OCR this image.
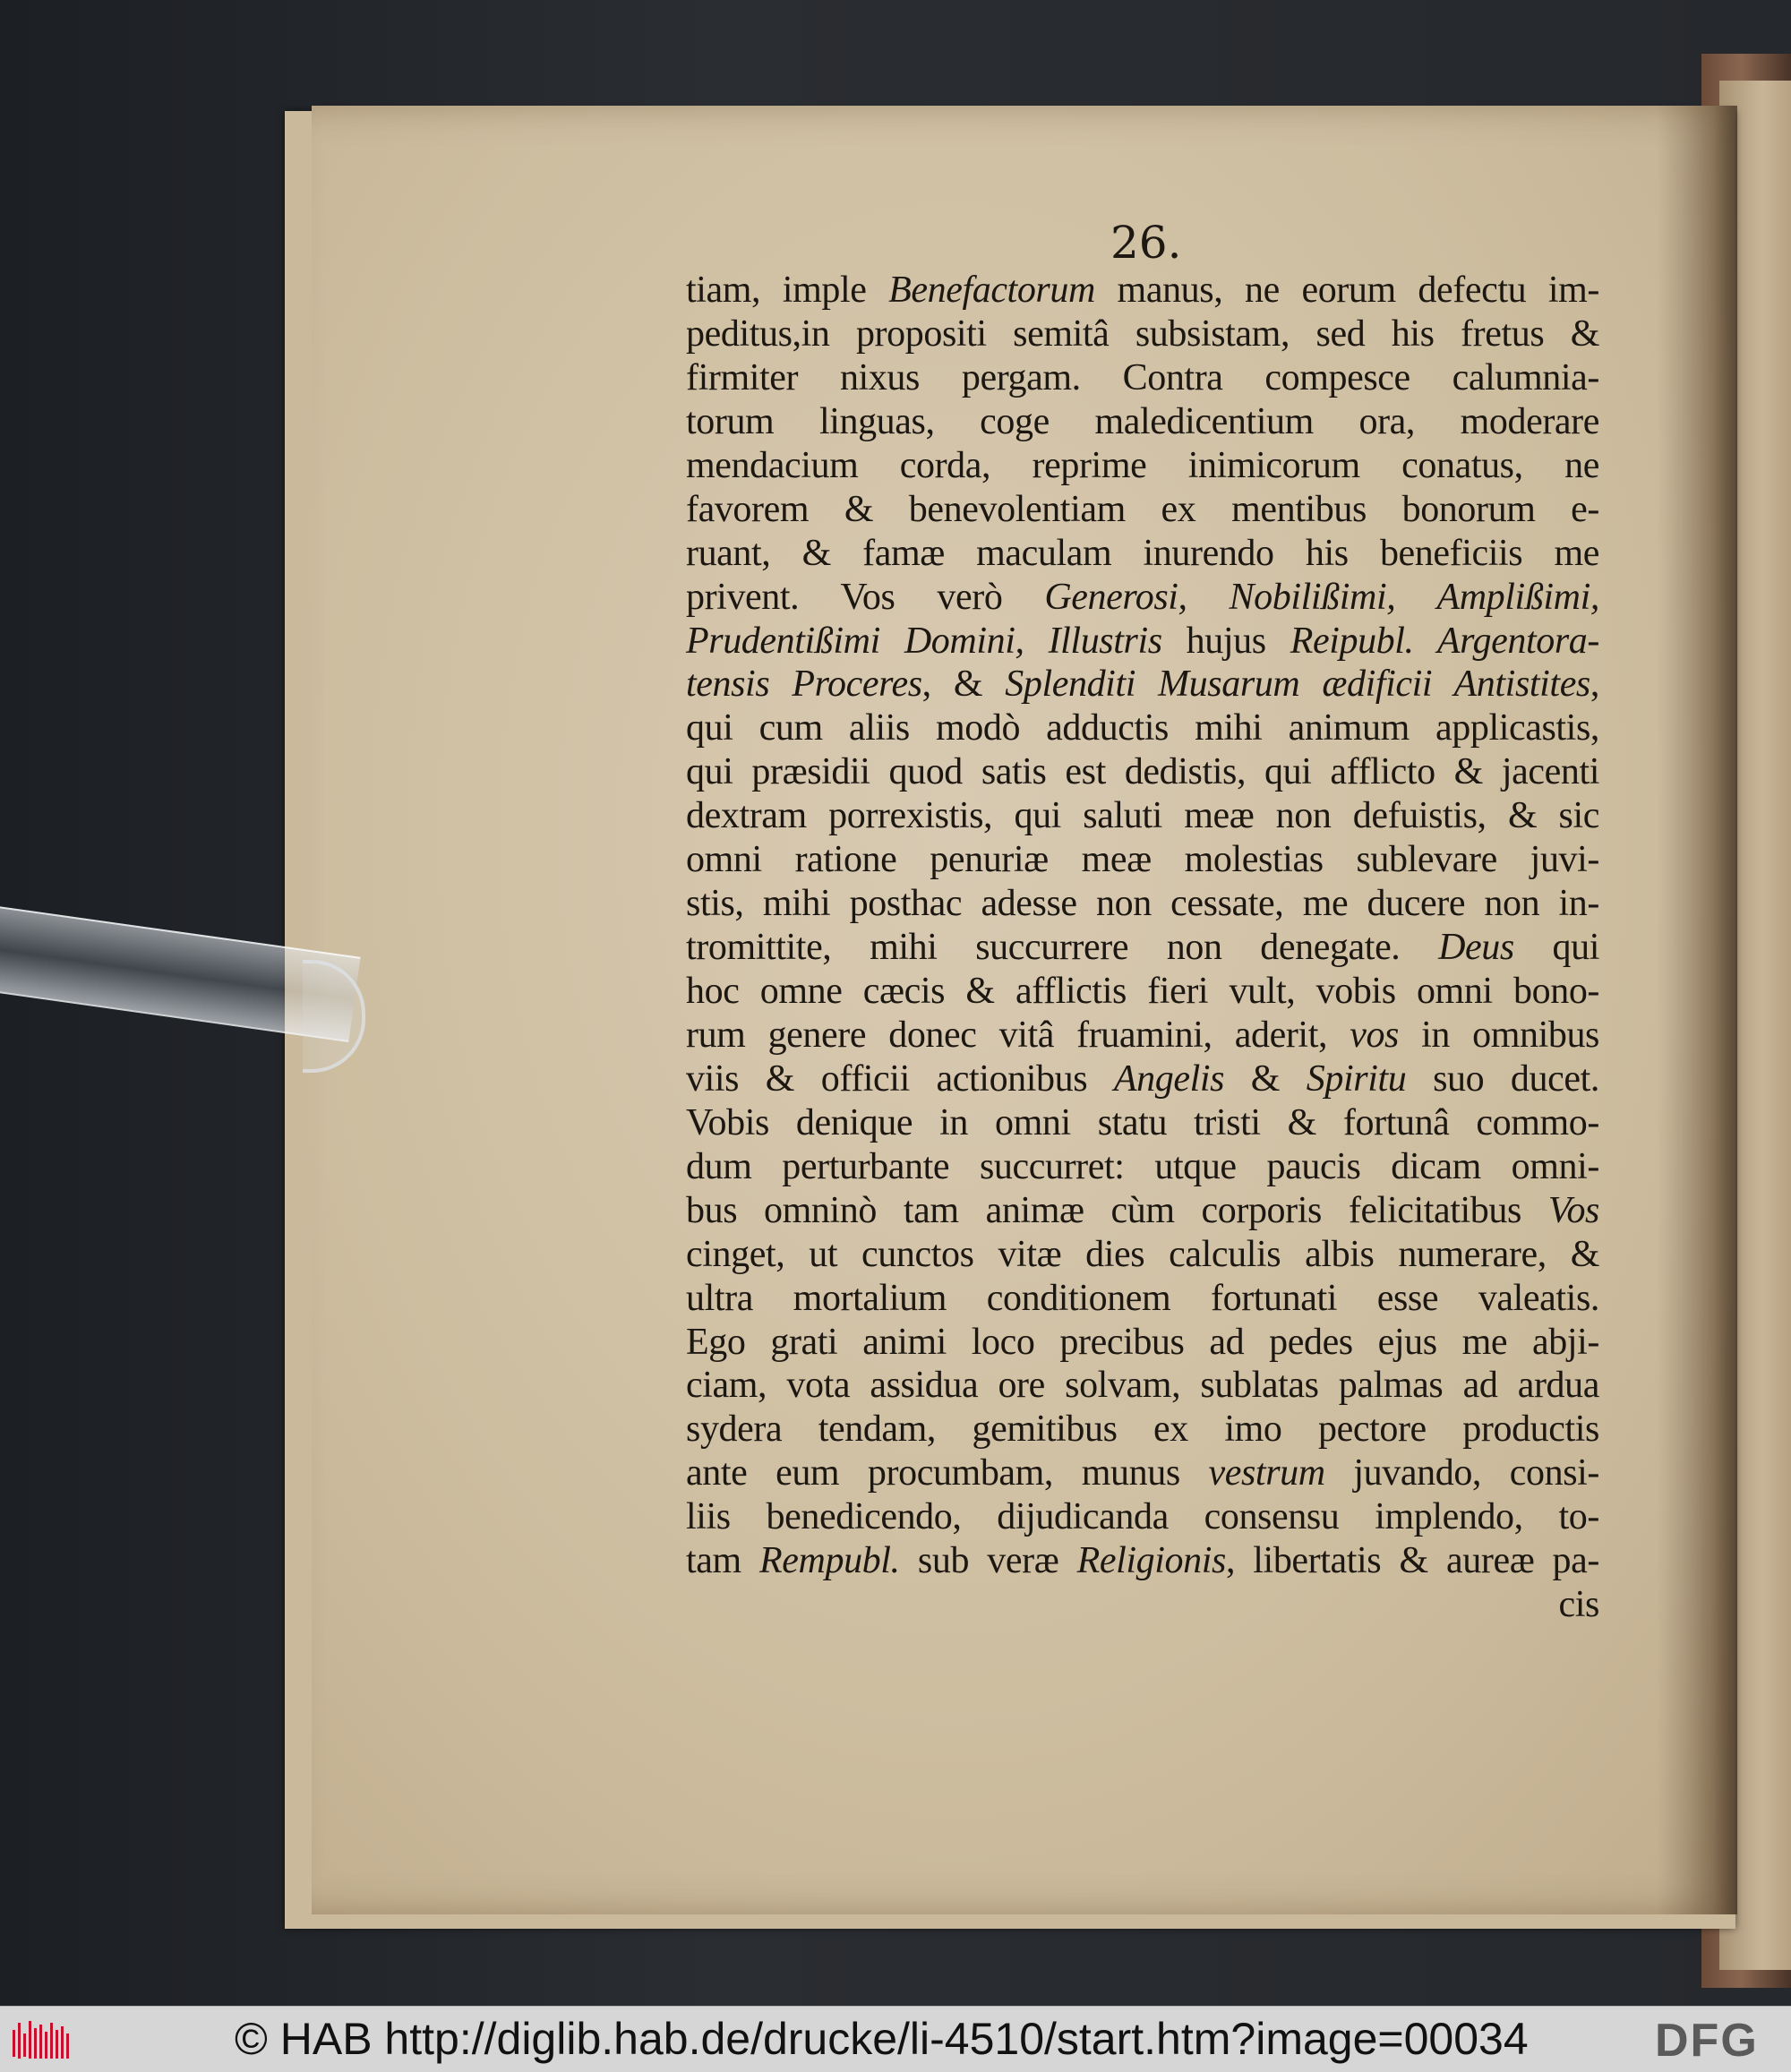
26.
tiam, imple Benefactorum manus, ne eorum defectu im-
peditus,in propositi semitâ subsistam, sed his fretus &
firmiter nixus pergam. Contra compesce calumnia-
torum linguas, coge maledicentium ora, moderare
mendacium corda, reprime inimicorum conatus, ne
favorem & benevolentiam ex mentibus bonorum e-
ruant, & famæ maculam inurendo his beneficiis me
privent. Vos verò Generosi, Nobilißimi, Amplißimi,
Prudentißimi Domini, Illustris hujus Reipubl. Argentora-
tensis Proceres, & Splenditi Musarum ædificii Antistites,
qui cum aliis modò adductis mihi animum applicastis,
qui præsidii quod satis est dedistis, qui afflicto & jacenti
dextram porrexistis, qui saluti meæ non defuistis, & sic
omni ratione penuriæ meæ molestias sublevare juvi-
stis, mihi posthac adesse non cessate, me ducere non in-
tromittite, mihi succurrere non denegate. Deus qui
hoc omne cæcis & afflictis fieri vult, vobis omni bono-
rum genere donec vitâ fruamini, aderit, vos in omnibus
viis & officii actionibus Angelis & Spiritu suo ducet.
Vobis denique in omni statu tristi & fortunâ commo-
dum perturbante succurret: utque paucis dicam omni-
bus omninò tam animæ cùm corporis felicitatibus Vos
cinget, ut cunctos vitæ dies calculis albis numerare, &
ultra mortalium conditionem fortunati esse valeatis.
Ego grati animi loco precibus ad pedes ejus me abji-
ciam, vota assidua ore solvam, sublatas palmas ad ardua
sydera tendam, gemitibus ex imo pectore productis
ante eum procumbam, munus vestrum juvando, consi-
liis benedicendo, dijudicanda consensu implendo, to-
tam Rempubl. sub veræ Religionis, libertatis & aureæ pa-
cis
© HAB http://diglib.hab.de/drucke/li-4510/start.htm?image=00034	DFG
